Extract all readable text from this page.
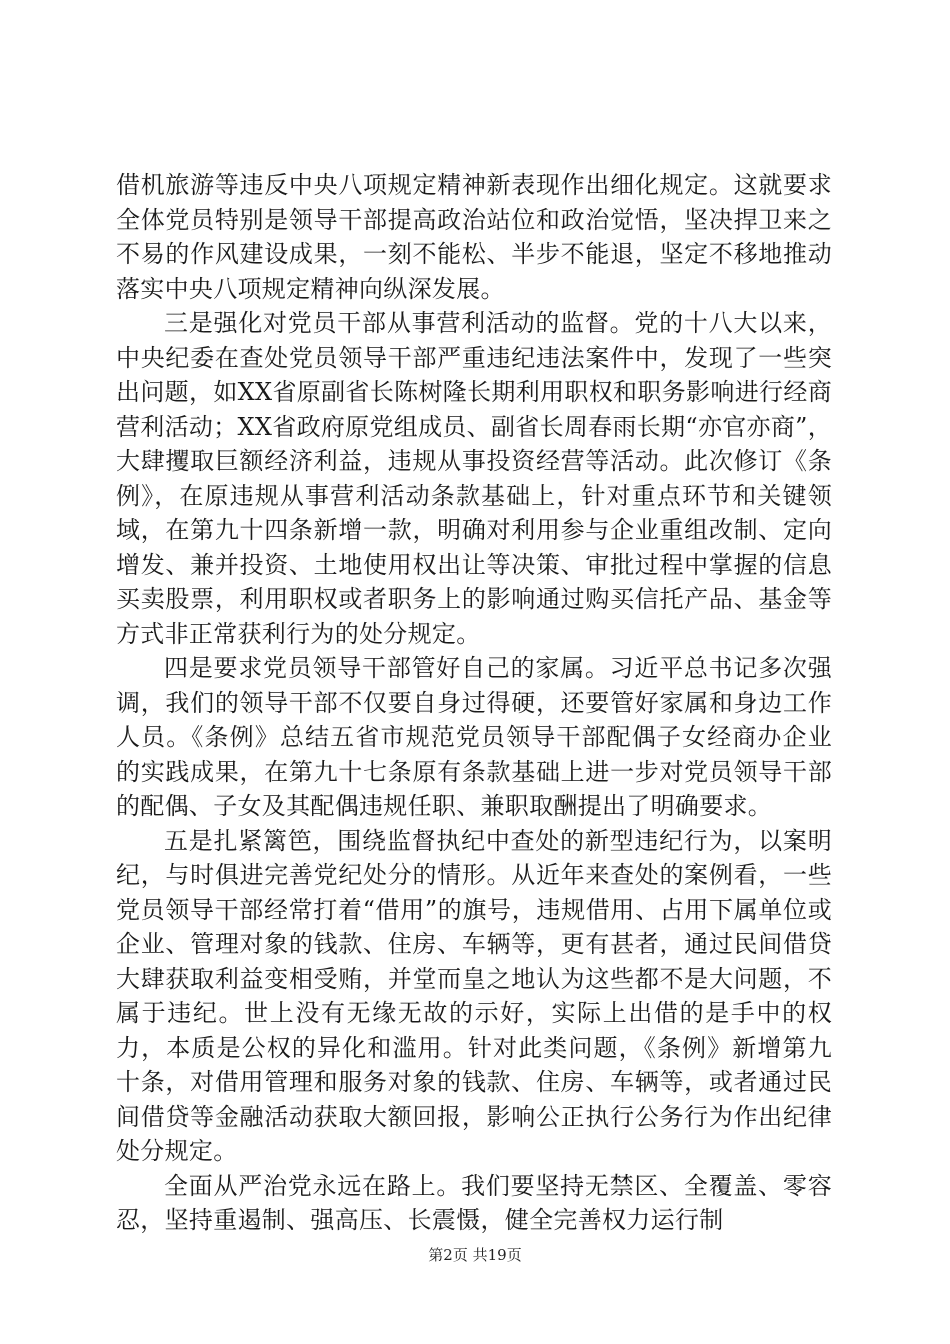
借机旅游等违反中央八项规定精神新表现作出细化规定。这就要求全体党员特别是领导干部提高政治站位和政治觉悟，坚决捍卫来之不易的作风建设成果，一刻不能松、半步不能退，坚定不移地推动落实中央八项规定精神向纵深发展。

三是强化对党员干部从事营利活动的监督。党的十八大以来，中央纪委在查处党员领导干部严重违纪违法案件中，发现了一些突出问题，如XX省原副省长陈树隆长期利用职权和职务影响进行经商营利活动；XX省政府原党组成员、副省长周春雨长期“亦官亦商”，大肆攫取巨额经济利益，违规从事投资经营等活动。此次修订《条例》，在原违规从事营利活动条款基础上，针对重点环节和关键领域，在第九十四条新增一款，明确对利用参与企业重组改制、定向增发、兼并投资、土地使用权出让等决策、审批过程中掌握的信息买卖股票，利用职权或者职务上的影响通过购买信托产品、基金等方式非正常获利行为的处分规定。

四是要求党员领导干部管好自己的家属。习近平总书记多次强调，我们的领导干部不仅要自身过得硬，还要管好家属和身边工作人员。《条例》总结五省市规范党员领导干部配偶子女经商办企业的实践成果，在第九十七条原有条款基础上进一步对党员领导干部的配偶、子女及其配偶违规任职、兼职取酬提出了明确要求。

五是扎紧篱笆，围绕监督执纪中查处的新型违纪行为，以案明纪，与时俱进完善党纪处分的情形。从近年来查处的案例看，一些党员领导干部经常打着“借用”的旗号，违规借用、占用下属单位或企业、管理对象的钱款、住房、车辆等，更有甚者，通过民间借贷大肆获取利益变相受贿，并堂而皇之地认为这些都不是大问题，不属于违纪。世上没有无缘无故的示好，实际上出借的是手中的权力，本质是公权的异化和滥用。针对此类问题，《条例》新增第九十条，对借用管理和服务对象的钱款、住房、车辆等，或者通过民间借贷等金融活动获取大额回报，影响公正执行公务行为作出纪律处分规定。

全面从严治党永远在路上。我们要坚持无禁区、全覆盖、零容忍，坚持重遏制、强高压、长震慑，健全完善权力运行制

第2页 共19页
